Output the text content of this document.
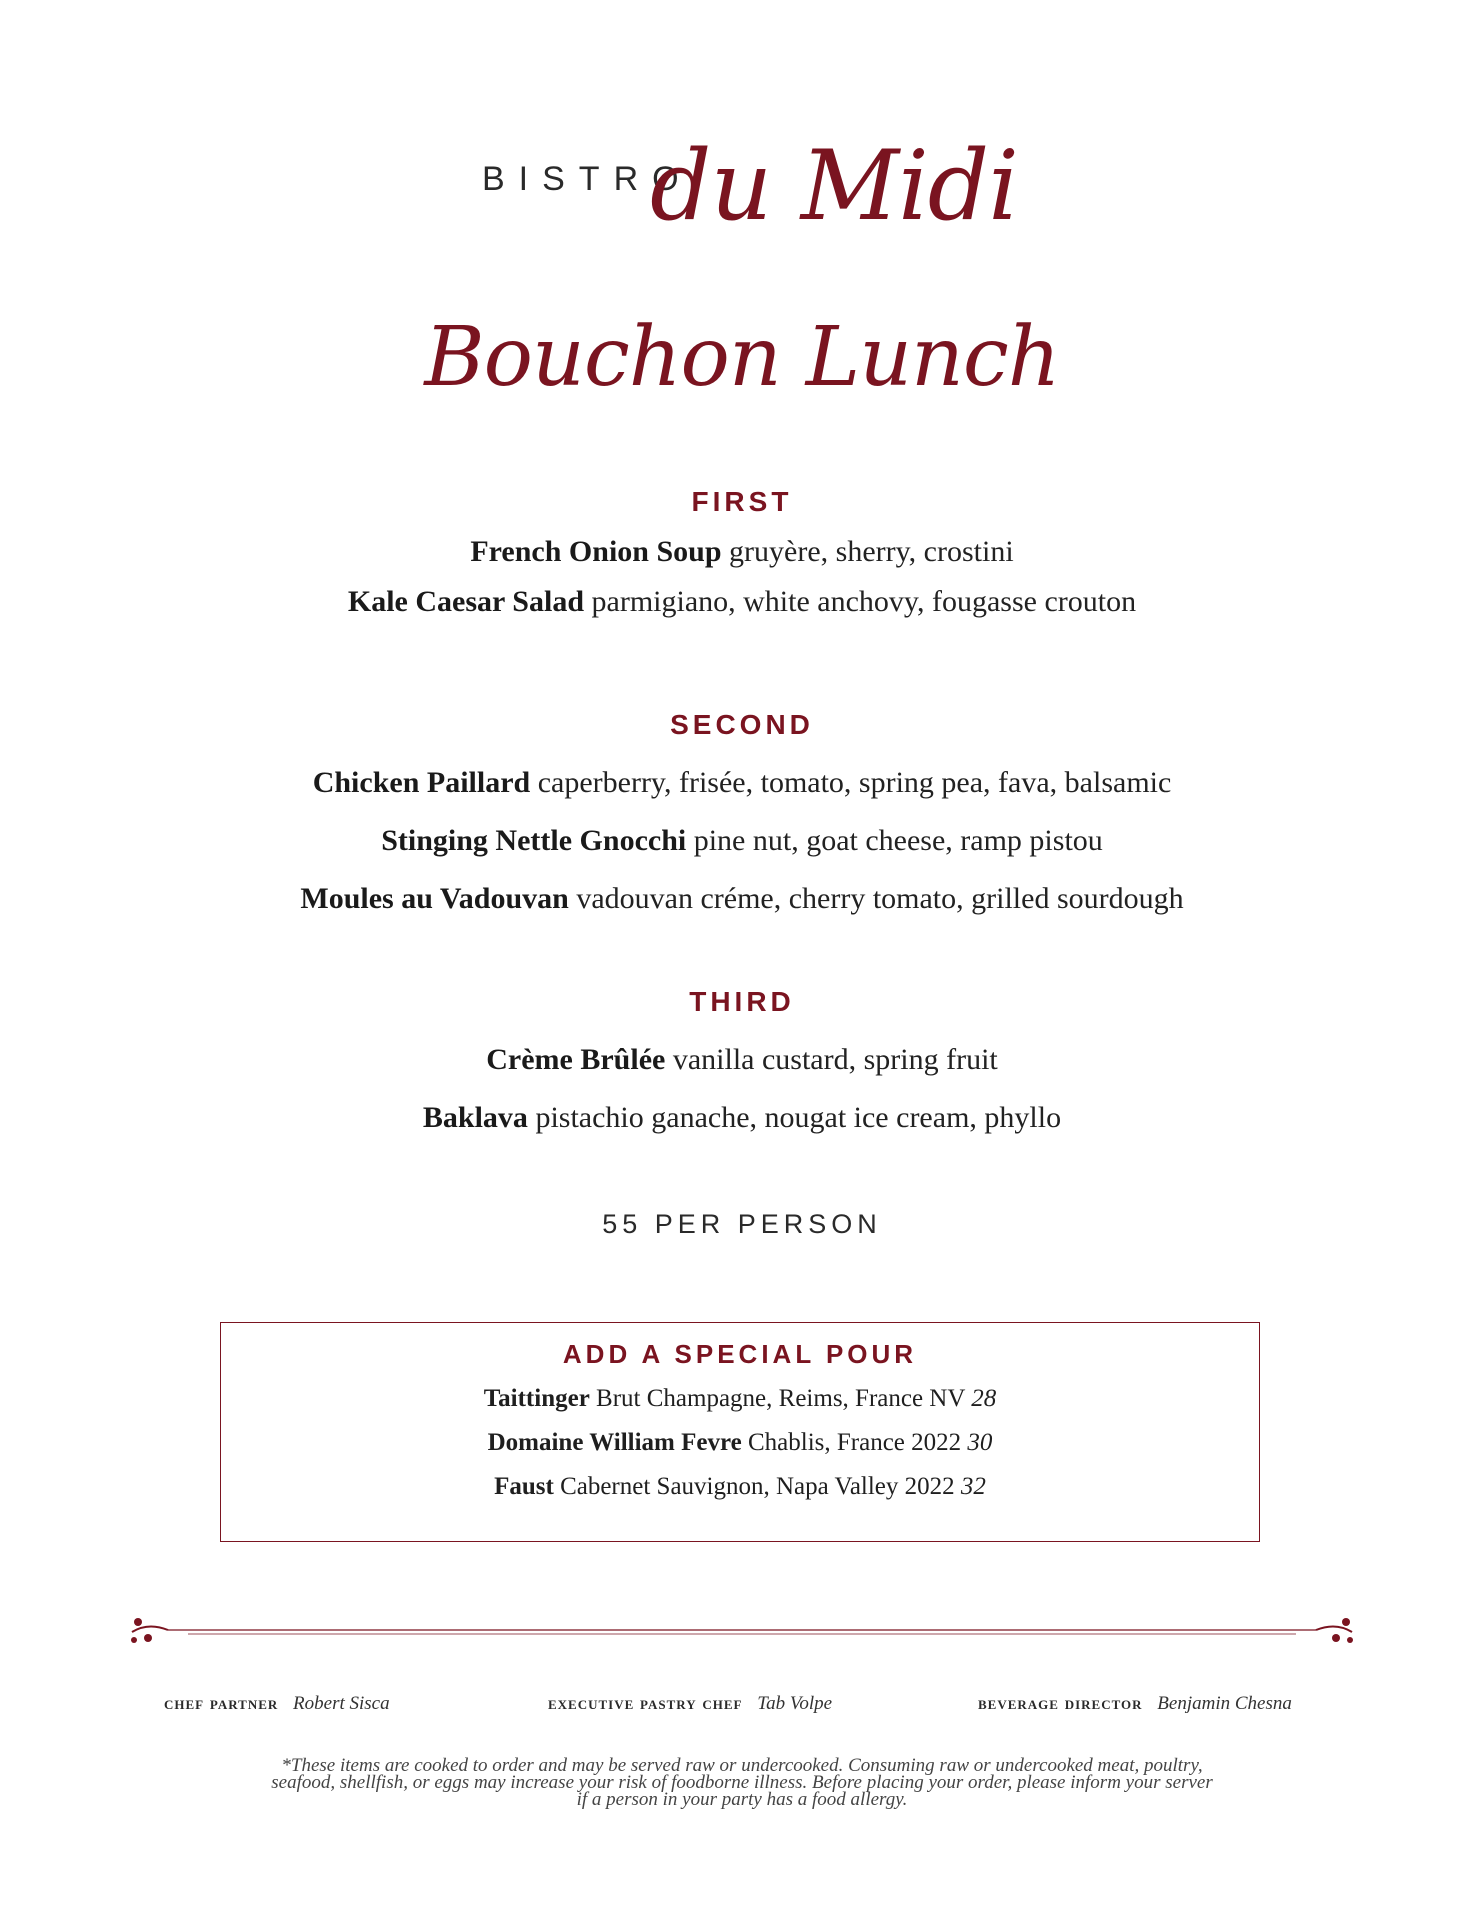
BISTRO
du Midi
Bouchon Lunch
FIRST
French Onion Soup gruyère, sherry, crostini
Kale Caesar Salad parmigiano, white anchovy, fougasse crouton
SECOND
Chicken Paillard caperberry, frisée, tomato, spring pea, fava, balsamic
Stinging Nettle Gnocchi pine nut, goat cheese, ramp pistou
Moules au Vadouvan vadouvan créme, cherry tomato, grilled sourdough
THIRD
Crème Brûlée vanilla custard, spring fruit
Baklava pistachio ganache, nougat ice cream, phyllo
55 PER PERSON
ADD A SPECIAL POUR
Taittinger Brut Champagne, Reims, France NV 28
Domaine William Fevre Chablis, France 2022 30
Faust Cabernet Sauvignon, Napa Valley 2022 32
chef partner Robert Sisca	executive pastry chef Tab Volpe	beverage director Benjamin Chesna
*These items are cooked to order and may be served raw or undercooked. Consuming raw or undercooked meat, poultry,
seafood, shellfish, or eggs may increase your risk of foodborne illness. Before placing your order, please inform your server
if a person in your party has a food allergy.
